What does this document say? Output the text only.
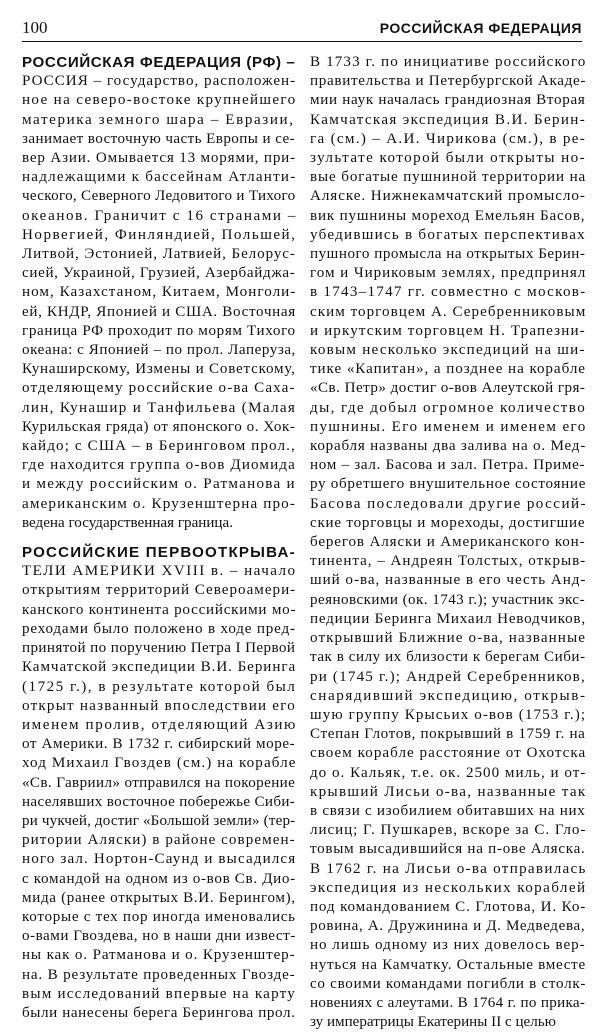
100	РОССИЙСКАЯ ФЕДЕРАЦИЯ

РОССИЙСКАЯ ФЕДЕРАЦИЯ (РФ) –
РОССИЯ – государство, расположен-
ное на северо-востоке крупнейшего
материка земного шара – Евразии,
занимает восточную часть Европы и се-
вер Азии. Омывается 13 морями, при-
надлежащими к бассейнам Атланти-
ческого, Северного Ледовитого и Тихого
океанов. Граничит с 16 странами –
Норвегией, Финляндией, Польшей,
Литвой, Эстонией, Латвией, Белорус-
сией, Украиной, Грузией, Азербайджа-
ном, Казахстаном, Китаем, Монголи-
ей, КНДР, Японией и США. Восточная
граница РФ проходит по морям Тихого
океана: с Японией – по прол. Лаперуза,
Кунаширскому, Измены и Советскому,
отделяющему российские о-ва Саха-
лин, Кунашир и Танфильева (Малая
Курильская гряда) от японского о. Хок-
кайдо; с США – в Беринговом прол.,
где находится группа о-вов Диомида
и между российским о. Ратманова и
американским о. Крузенштерна про-
ведена государственная граница.

РОССИЙСКИЕ ПЕРВООТКРЫВА-
ТЕЛИ АМЕРИКИ XVIII в. – начало
открытиям территорий Североамери-
канского континента российскими мо-
реходами было положено в ходе пред-
принятой по поручению Петра I Первой
Камчатской экспедиции В.И. Беринга
(1725 г.), в результате которой был
открыт названный впоследствии его
именем пролив, отделяющий Азию
от Америки. В 1732 г. сибирский море-
ход Михаил Гвоздев (см.) на корабле
«Св. Гавриил» отправился на покорение
населявших восточное побережье Сиби-
ри чукчей, достиг «Большой земли» (тер-
ритории Аляски) в районе современ-
ного зал. Нортон-Саунд и высадился
с командой на одном из о-вов Св. Дио-
мида (ранее открытых В.И. Берингом),
которые с тех пор иногда именовались
о-вами Гвоздева, но в наши дни извест-
ны как о. Ратманова и о. Крузенштер-
на. В результате проведенных Гвозде-
вым исследований впервые на карту
были нанесены берега Берингова прол.

В 1733 г. по инициативе российского
правительства и Петербургской Акаде-
мии наук началась грандиозная Вторая
Камчатская экспедиция В.И. Берин-
га (см.) – А.И. Чирикова (см.), в ре-
зультате которой были открыты но-
вые богатые пушниной территории на
Аляске. Нижнекамчатский промысло-
вик пушнины мореход Емельян Басов,
убедившись в богатых перспективах
пушного промысла на открытых Берин-
гом и Чириковым землях, предпринял
в 1743–1747 гг. совместно с москов-
ским торговцем А. Серебренниковым
и иркутским торговцем Н. Трапезни-
ковым несколько экспедиций на ши-
тике «Капитан», а позднее на корабле
«Св. Петр» достиг о-вов Алеутской гря-
ды, где добыл огромное количество
пушнины. Его именем и именем его
корабля названы два залива на о. Мед-
ном – зал. Басова и зал. Петра. Приме-
ру обретшего внушительное состояние
Басова последовали другие россий-
ские торговцы и мореходы, достигшие
берегов Аляски и Американского кон-
тинента, – Андреян Толстых, открыв-
ший о-ва, названные в его честь Анд-
реяновскими (ок. 1743 г.); участник экс-
педиции Беринга Михаил Неводчиков,
открывший Ближние о-ва, названные
так в силу их близости к берегам Сиби-
ри (1745 г.); Андрей Серебренников,
снарядивший экспедицию, открыв-
шую группу Крысьих о-вов (1753 г.);
Степан Глотов, покрывший в 1759 г. на
своем корабле расстояние от Охотска
до о. Кальяк, т.е. ок. 2500 миль, и от-
крывший Лисьи о-ва, названные так
в связи с изобилием обитавших на них
лисиц; Г. Пушкарев, вскоре за С. Гло-
товым высадившийся на п-ове Аляска.
В 1762 г. на Лисьи о-ва отправилась
экспедиция из нескольких кораблей
под командованием С. Глотова, И. Ко-
ровина, А. Дружинина и Д. Медведева,
но лишь одному из них довелось вер-
нуться на Камчатку. Остальные вместе
со своими командами погибли в столк-
новениях с алеутами. В 1764 г. по прика-
зу императрицы Екатерины II с целью
